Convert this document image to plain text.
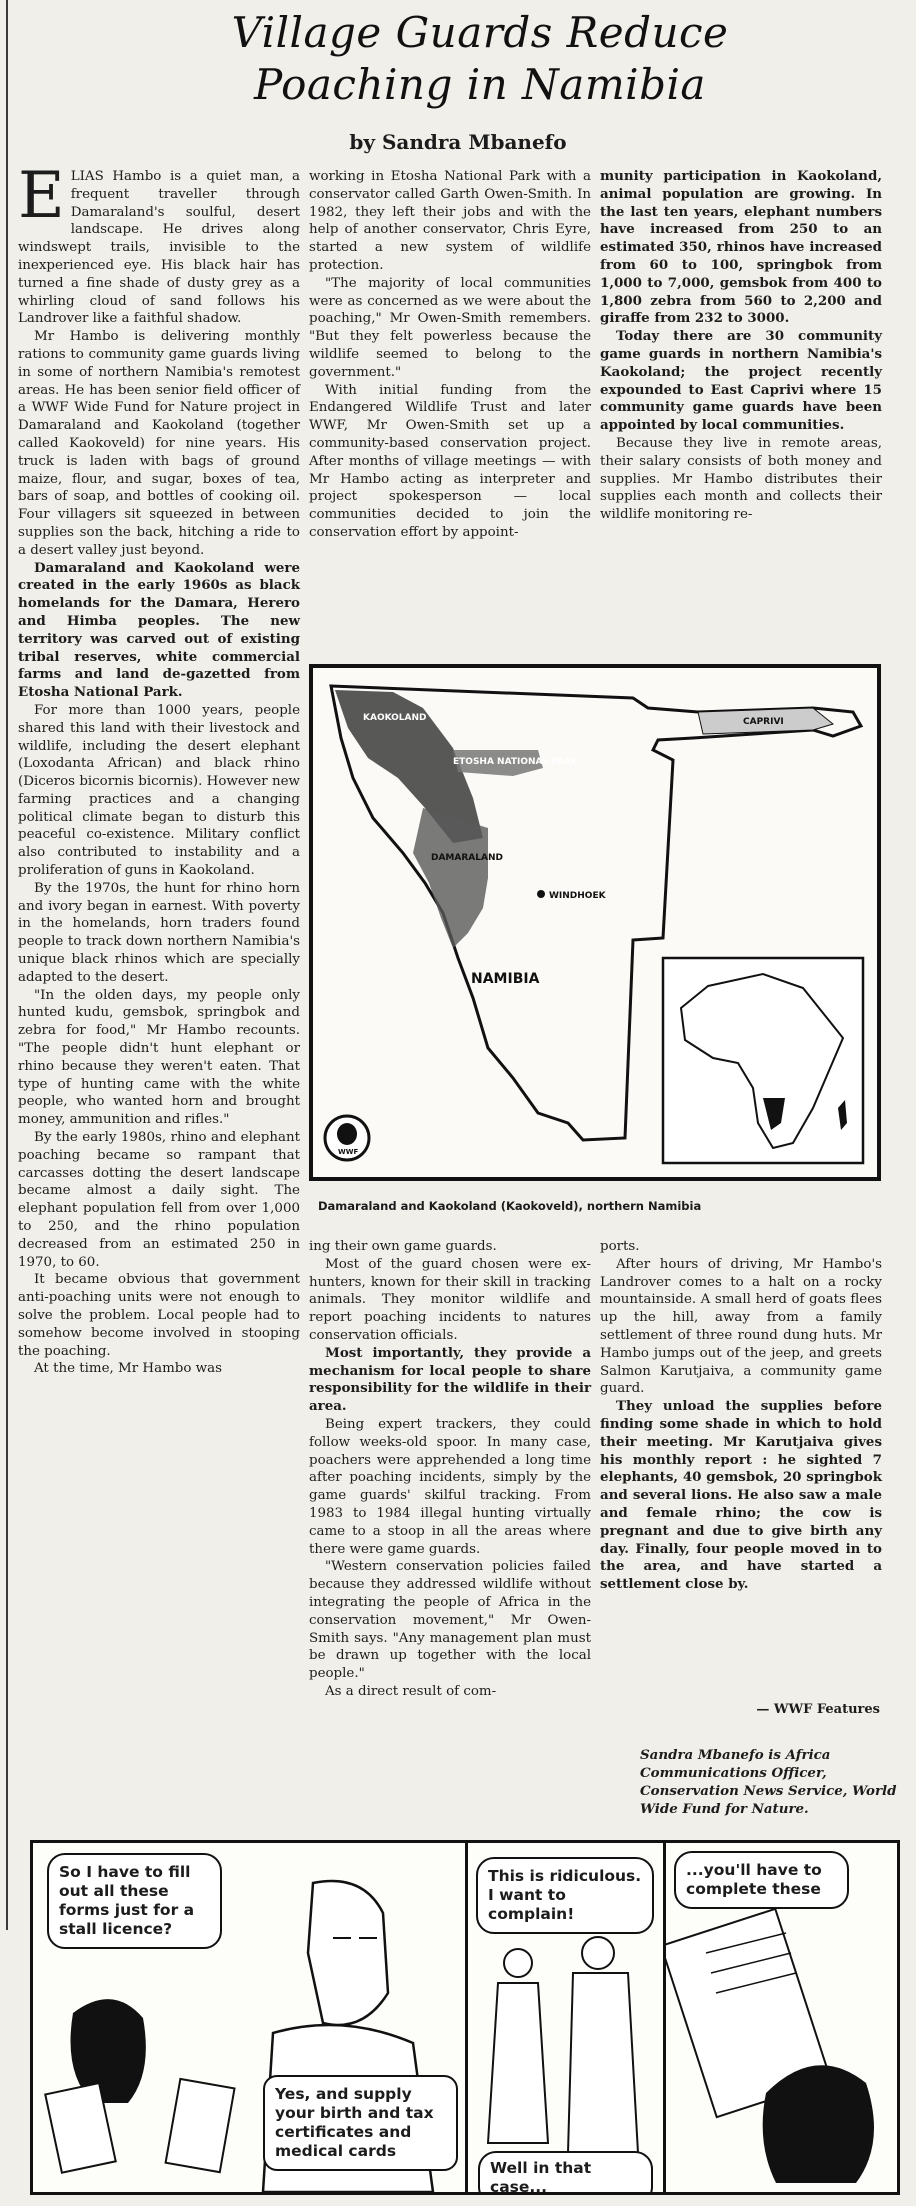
Village Guards Reduce
Poaching in Namibia
by Sandra Mbanefo

ELIAS Hambo is a quiet man, a frequent traveller through Damaraland's soulful, desert landscape. He drives along windswept trails, invisible to the inexperienced eye. His black hair has turned a fine shade of dusty grey as a whirling cloud of sand follows his Landrover like a faithful shadow.

Mr Hambo is delivering monthly rations to community game guards living in some of northern Namibia's remotest areas. He has been senior field officer of a WWF Wide Fund for Nature project in Damaraland and Kaokoland (together called Kaokoveld) for nine years. His truck is laden with bags of ground maize, flour, and sugar, boxes of tea, bars of soap, and bottles of cooking oil. Four villagers sit squeezed in between supplies son the back, hitching a ride to a desert valley just beyond.

Damaraland and Kaokoland were created in the early 1960s as black homelands for the Damara, Herero and Himba peoples. The new territory was carved out of existing tribal reserves, white commercial farms and land de-gazetted from Etosha National Park.

For more than 1000 years, people shared this land with their livestock and wildlife, including the desert elephant (Loxodanta African) and black rhino (Diceros bicornis bicornis). However new farming practices and a changing political climate began to disturb this peaceful co-existence. Military conflict also contributed to instability and a proliferation of guns in Kaokoland.

By the 1970s, the hunt for rhino horn and ivory began in earnest. With poverty in the homelands, horn traders found people to track down northern Namibia's unique black rhinos which are specially adapted to the desert.

"In the olden days, my people only hunted kudu, gemsbok, springbok and zebra for food," Mr Hambo recounts. "The people didn't hunt elephant or rhino because they weren't eaten. That type of hunting came with the white people, who wanted horn and brought money, ammunition and rifles."

By the early 1980s, rhino and elephant poaching became so rampant that carcasses dotting the desert landscape became almost a daily sight. The elephant population fell from over 1,000 to 250, and the rhino population decreased from an estimated 250 in 1970, to 60.

It became obvious that government anti-poaching units were not enough to solve the problem. Local people had to somehow become involved in stooping the poaching.

At the time, Mr Hambo was

working in Etosha National Park with a conservator called Garth Owen-Smith. In 1982, they left their jobs and with the help of another conservator, Chris Eyre, started a new system of wildlife protection.

"The majority of local communities were as concerned as we were about the poaching," Mr Owen-Smith remembers. "But they felt powerless because the wildlife seemed to belong to the government."

With initial funding from the Endangered Wildlife Trust and later WWF, Mr Owen-Smith set up a community-based conservation project. After months of village meetings — with Mr Hambo acting as interpreter and project spokesperson — local communities decided to join the conservation effort by appoint-

munity participation in Kaokoland, animal population are growing. In the last ten years, elephant numbers have increased from 250 to an estimated 350, rhinos have increased from 60 to 100, springbok from 1,000 to 7,000, gemsbok from 400 to 1,800 zebra from 560 to 2,200 and giraffe from 232 to 3000.

Today there are 30 community game guards in northern Namibia's Kaokoland; the project recently expounded to East Caprivi where 15 community game guards have been appointed by local communities.

Because they live in remote areas, their salary consists of both money and supplies. Mr Hambo distributes their supplies each month and collects their wildlife monitoring re-

KAOKOLAND
ETOSHA NATIONAL PARK
DAMARALAND
CAPRIVI
WINDHOEK
NAMIBIA
WWF
Damaraland and Kaokoland (Kaokoveld), northern Namibia

ing their own game guards.

Most of the guard chosen were ex-hunters, known for their skill in tracking animals. They monitor wildlife and report poaching incidents to natures conservation officials.

Most importantly, they provide a mechanism for local people to share responsibility for the wildlife in their area.

Being expert trackers, they could follow weeks-old spoor. In many case, poachers were apprehended a long time after poaching incidents, simply by the game guards' skilful tracking. From 1983 to 1984 illegal hunting virtually came to a stoop in all the areas where there were game guards.

"Western conservation policies failed because they addressed wildlife without integrating the people of Africa in the conservation movement," Mr Owen-Smith says. "Any management plan must be drawn up together with the local people."

As a direct result of com-

ports.

After hours of driving, Mr Hambo's Landrover comes to a halt on a rocky mountainside. A small herd of goats flees up the hill, away from a family settlement of three round dung huts. Mr Hambo jumps out of the jeep, and greets Salmon Karutjaiva, a community game guard.

They unload the supplies before finding some shade in which to hold their meeting. Mr Karutjaiva gives his monthly report : he sighted 7 elephants, 40 gemsbok, 20 springbok and several lions. He also saw a male and female rhino; the cow is pregnant and due to give birth any day. Finally, four people moved in to the area, and have started a settlement close by.

— WWF Features
Sandra Mbanefo is Africa Communications Officer, Conservation News Service, World Wide Fund for Nature.
So I have to fill out all these forms just for a stall licence?
Yes, and supply your birth and tax certificates and medical cards
This is ridiculous. I want to complain!
Well in that case...
...you'll have to complete these
